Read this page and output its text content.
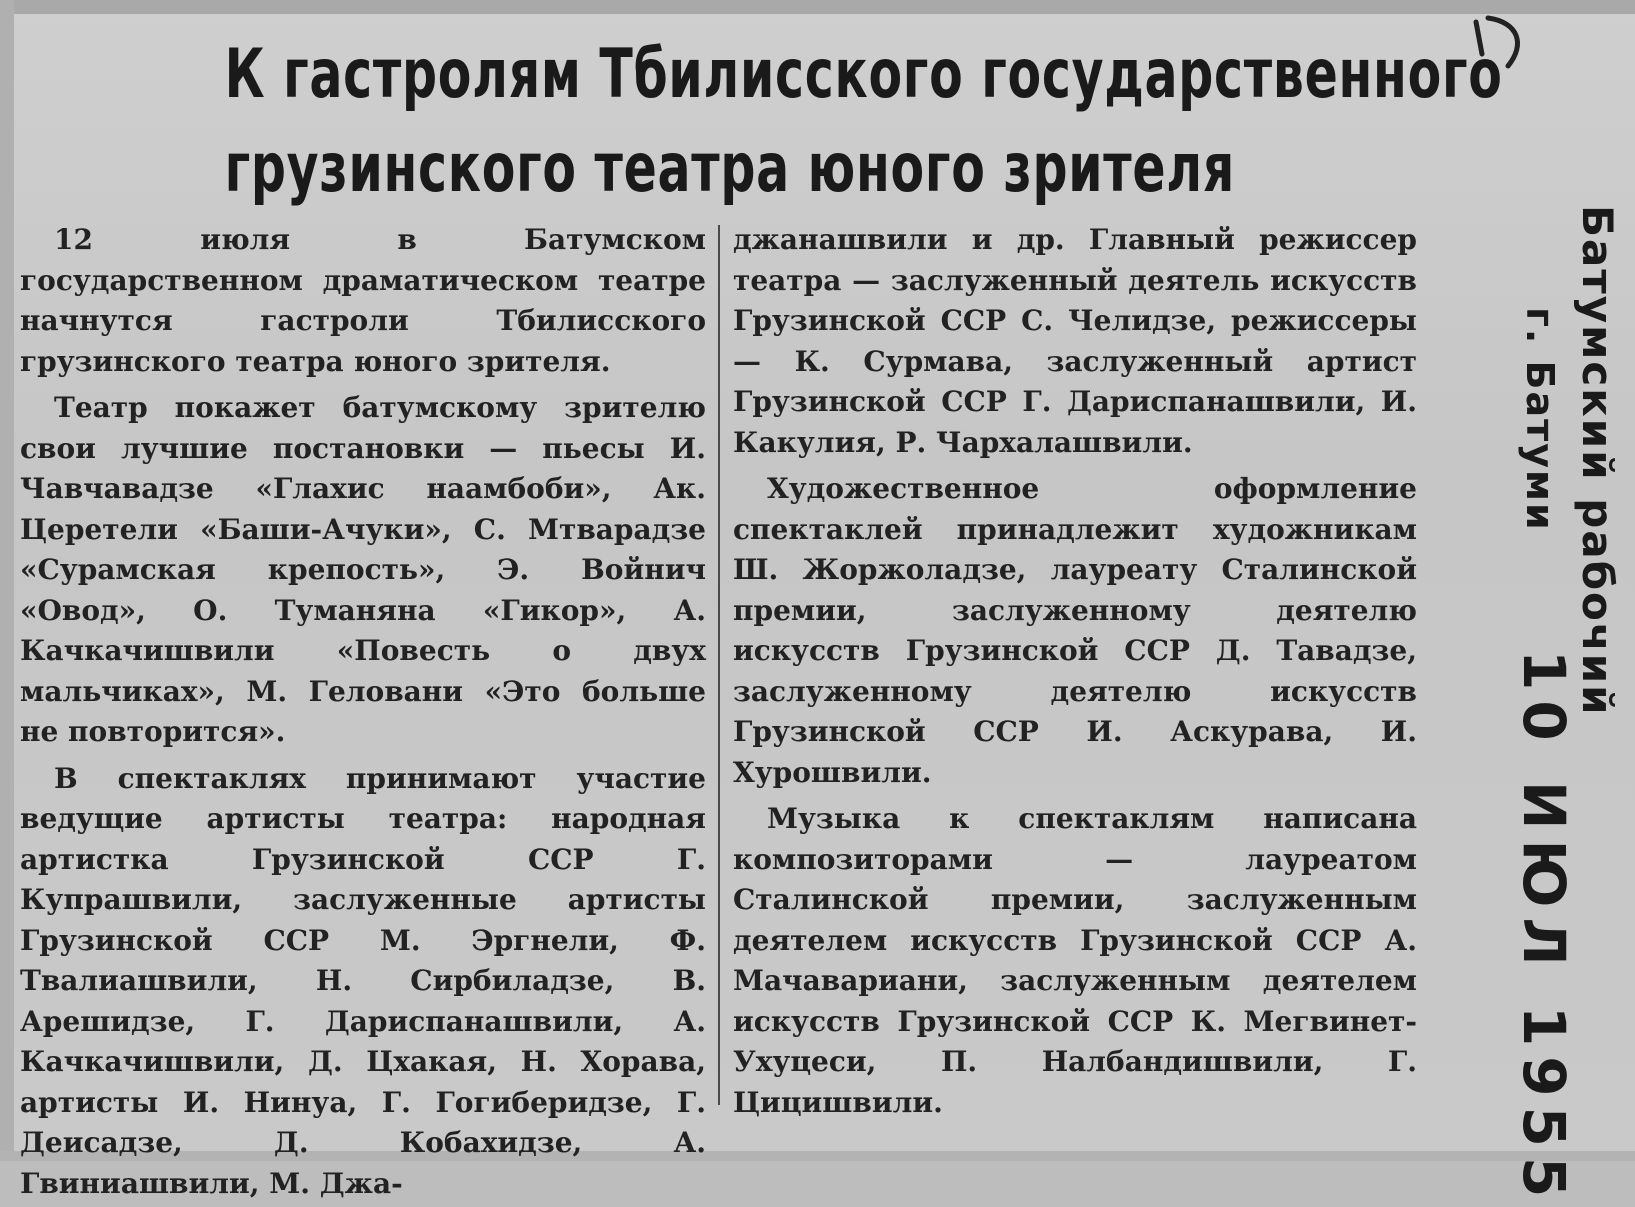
К гастролям Тбилисского государственного
грузинского театра юного зрителя

12 июля в Батумском государственном драматическом театре начнутся гастроли Тбилисского грузинского театра юного зрителя.

Театр покажет батумскому зрителю свои лучшие постановки — пьесы И. Чавчавадзе «Глахис наамбоби», Ак. Церетели «Баши-Ачуки», С. Мтварадзе «Сурамская крепость», Э. Войнич «Овод», О. Туманяна «Гикор», А. Качкачишвили «Повесть о двух мальчиках», М. Геловани «Это больше не повторится».

В спектаклях принимают участие ведущие артисты театра: народная артистка Грузинской ССР Г. Купрашвили, заслуженные артисты Грузинской ССР М. Эргнели, Ф. Твалиашвили, Н. Сирбиладзе, В. Арешидзе, Г. Дариспанашвили, А. Качкачишвили, Д. Цхакая, Н. Хорава, артисты И. Нинуа, Г. Гогиберидзе, Г. Деисадзе, Д. Кобахидзе, А. Гвиниашвили, М. Джа-

джанашвили и др. Главный режиссер театра — заслуженный деятель искусств Грузинской ССР С. Челидзе, режиссеры — К. Сурмава, заслуженный артист Грузинской ССР Г. Дариспанашвили, И. Какулия, Р. Чархалашвили.

Художественное оформление спектаклей принадлежит художникам Ш. Жоржоладзе, лауреату Сталинской премии, заслуженному деятелю искусств Грузинской ССР Д. Тавадзе, заслуженному деятелю искусств Грузинской ССР И. Аскурава, И. Хурошвили.

Музыка к спектаклям написана композиторами — лауреатом Сталинской премии, заслуженным деятелем искусств Грузинской ССР А. Мачавариани, заслуженным деятелем искусств Грузинской ССР К. Мегвинет-Ухуцеси, П. Налбандишвили, Г. Цицишвили.

Батумский рабочий
г. Батуми
10 ИЮЛ 1955
